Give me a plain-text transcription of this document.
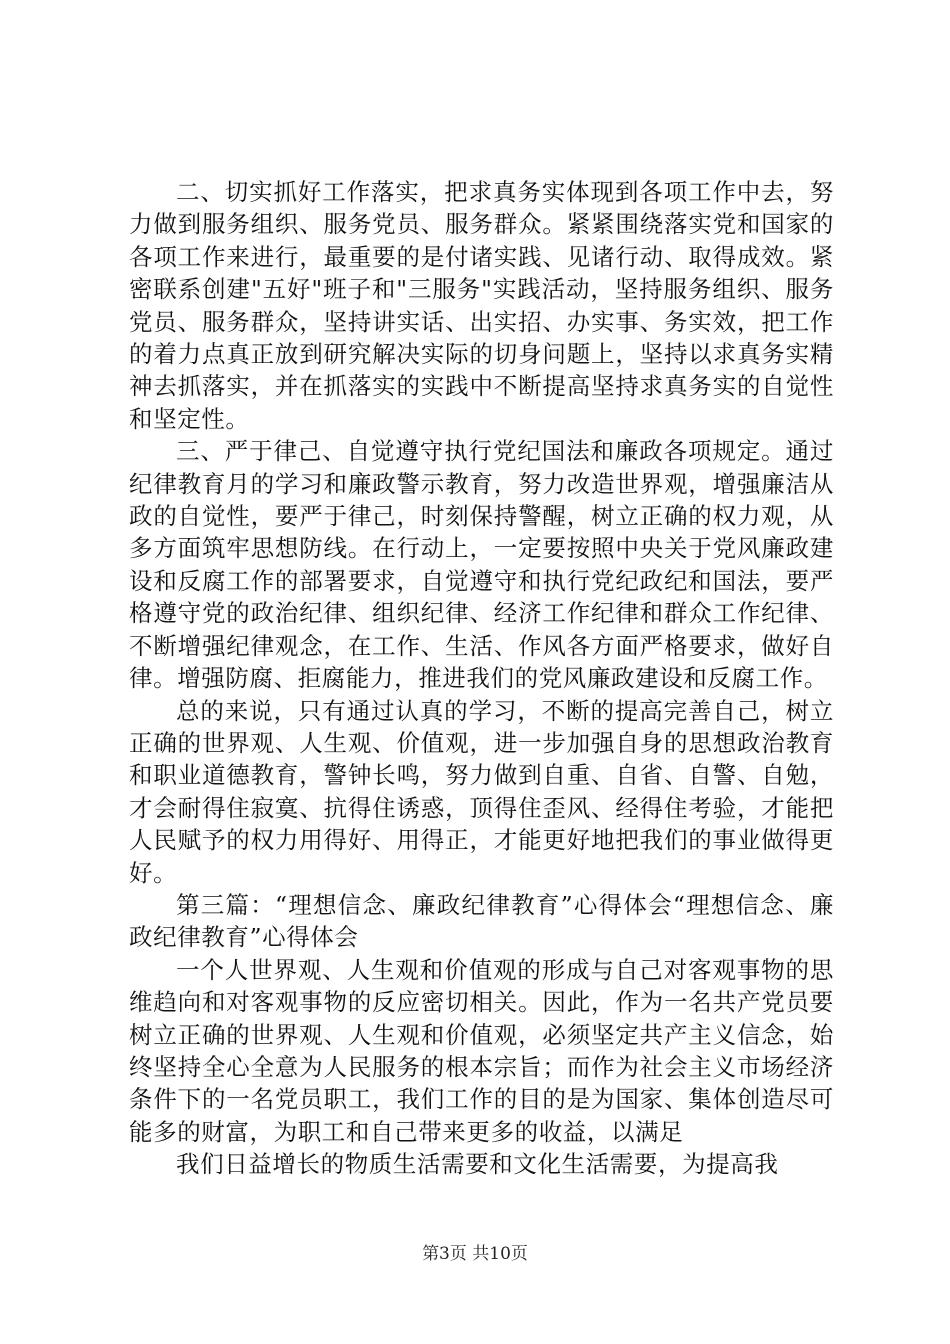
二、切实抓好工作落实，把求真务实体现到各项工作中去，努力做到服务组织、服务党员、服务群众。紧紧围绕落实党和国家的各项工作来进行，最重要的是付诸实践、见诸行动、取得成效。紧密联系创建"五好"班子和"三服务"实践活动，坚持服务组织、服务党员、服务群众，坚持讲实话、出实招、办实事、务实效，把工作的着力点真正放到研究解决实际的切身问题上，坚持以求真务实精神去抓落实，并在抓落实的实践中不断提高坚持求真务实的自觉性和坚定性。

三、严于律己、自觉遵守执行党纪国法和廉政各项规定。通过纪律教育月的学习和廉政警示教育，努力改造世界观，增强廉洁从政的自觉性，要严于律己，时刻保持警醒，树立正确的权力观，从多方面筑牢思想防线。在行动上，一定要按照中央关于党风廉政建设和反腐工作的部署要求，自觉遵守和执行党纪政纪和国法，要严格遵守党的政治纪律、组织纪律、经济工作纪律和群众工作纪律、不断增强纪律观念，在工作、生活、作风各方面严格要求，做好自律。增强防腐、拒腐能力，推进我们的党风廉政建设和反腐工作。

总的来说，只有通过认真的学习，不断的提高完善自己，树立正确的世界观、人生观、价值观，进一步加强自身的思想政治教育和职业道德教育，警钟长鸣，努力做到自重、自省、自警、自勉，才会耐得住寂寞、抗得住诱惑，顶得住歪风、经得住考验，才能把人民赋予的权力用得好、用得正，才能更好地把我们的事业做得更好。

第三篇：“理想信念、廉政纪律教育”心得体会“理想信念、廉政纪律教育”心得体会

一个人世界观、人生观和价值观的形成与自己对客观事物的思维趋向和对客观事物的反应密切相关。因此，作为一名共产党员要树立正确的世界观、人生观和价值观，必须坚定共产主义信念，始终坚持全心全意为人民服务的根本宗旨；而作为社会主义市场经济条件下的一名党员职工，我们工作的目的是为国家、集体创造尽可能多的财富，为职工和自己带来更多的收益，以满足

我们日益增长的物质生活需要和文化生活需要，为提高我

第3页 共10页
